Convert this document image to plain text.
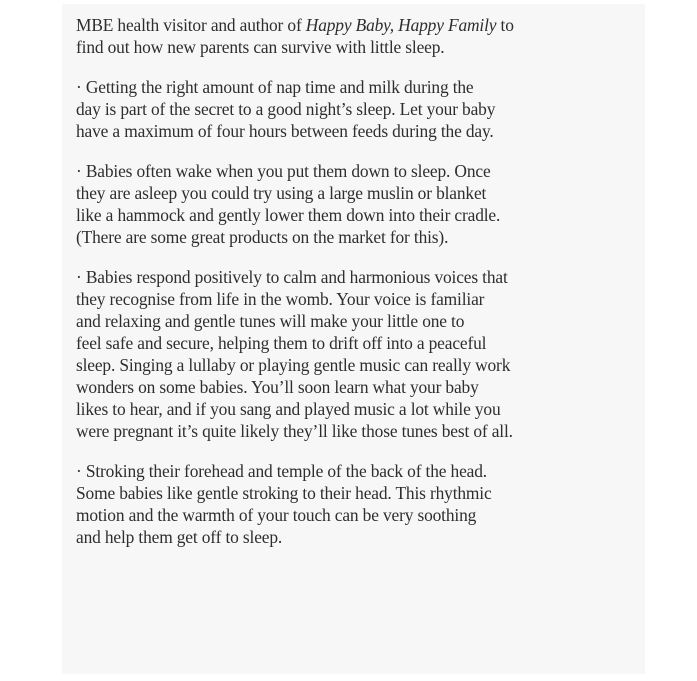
MBE health visitor and author of Happy Baby, Happy Family to
find out how new parents can survive with little sleep.

· Getting the right amount of nap time and milk during the
day is part of the secret to a good night’s sleep. Let your baby
have a maximum of four hours between feeds during the day.

· Babies often wake when you put them down to sleep. Once
they are asleep you could try using a large muslin or blanket
like a hammock and gently lower them down into their cradle.
(There are some great products on the market for this).

· Babies respond positively to calm and harmonious voices that
they recognise from life in the womb. Your voice is familiar
and relaxing and gentle tunes will make your little one to
feel safe and secure, helping them to drift off into a peaceful
sleep. Singing a lullaby or playing gentle music can really work
wonders on some babies. You’ll soon learn what your baby
likes to hear, and if you sang and played music a lot while you
were pregnant it’s quite likely they’ll like those tunes best of all.

· Stroking their forehead and temple of the back of the head.
Some babies like gentle stroking to their head. This rhythmic
motion and the warmth of your touch can be very soothing
and help them get off to sleep.
